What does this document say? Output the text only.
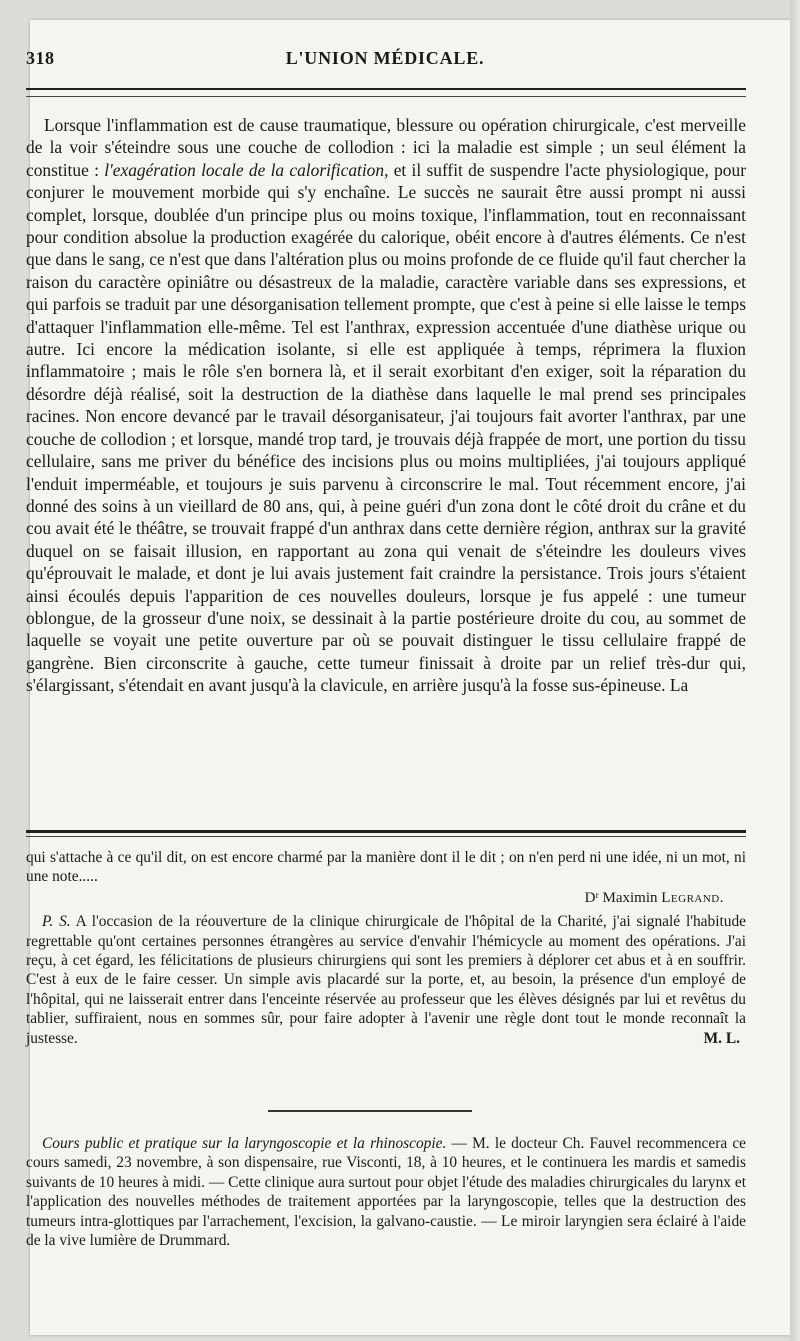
318	L'UNION MÉDICALE.

Lorsque l'inflammation est de cause traumatique, blessure ou opération chirurgicale, c'est merveille de la voir s'éteindre sous une couche de collodion : ici la maladie est simple ; un seul élément la constitue : l'exagération locale de la calorification, et il suffit de suspendre l'acte physiologique, pour conjurer le mouvement morbide qui s'y enchaîne. Le succès ne saurait être aussi prompt ni aussi complet, lorsque, doublée d'un principe plus ou moins toxique, l'inflammation, tout en reconnaissant pour condition absolue la production exagérée du calorique, obéit encore à d'autres éléments. Ce n'est que dans le sang, ce n'est que dans l'altération plus ou moins profonde de ce fluide qu'il faut chercher la raison du caractère opiniâtre ou désastreux de la maladie, caractère variable dans ses expressions, et qui parfois se traduit par une désorganisation tellement prompte, que c'est à peine si elle laisse le temps d'attaquer l'inflammation elle-même. Tel est l'anthrax, expression accentuée d'une diathèse urique ou autre. Ici encore la médication isolante, si elle est appliquée à temps, réprimera la fluxion inflammatoire ; mais le rôle s'en bornera là, et il serait exorbitant d'en exiger, soit la réparation du désordre déjà réalisé, soit la destruction de la diathèse dans laquelle le mal prend ses principales racines. Non encore devancé par le travail désorganisateur, j'ai toujours fait avorter l'anthrax, par une couche de collodion ; et lorsque, mandé trop tard, je trouvais déjà frappée de mort, une portion du tissu cellulaire, sans me priver du bénéfice des incisions plus ou moins multipliées, j'ai toujours appliqué l'enduit imperméable, et toujours je suis parvenu à circonscrire le mal. Tout récemment encore, j'ai donné des soins à un vieillard de 80 ans, qui, à peine guéri d'un zona dont le côté droit du crâne et du cou avait été le théâtre, se trouvait frappé d'un anthrax dans cette dernière région, anthrax sur la gravité duquel on se faisait illusion, en rapportant au zona qui venait de s'éteindre les douleurs vives qu'éprouvait le malade, et dont je lui avais justement fait craindre la persistance. Trois jours s'étaient ainsi écoulés depuis l'apparition de ces nouvelles douleurs, lorsque je fus appelé : une tumeur oblongue, de la grosseur d'une noix, se dessinait à la partie postérieure droite du cou, au sommet de laquelle se voyait une petite ouverture par où se pouvait distinguer le tissu cellulaire frappé de gangrène. Bien circonscrite à gauche, cette tumeur finissait à droite par un relief très-dur qui, s'élargissant, s'étendait en avant jusqu'à la clavicule, en arrière jusqu'à la fosse sus-épineuse. La

qui s'attache à ce qu'il dit, on est encore charmé par la manière dont il le dit ; on n'en perd ni une idée, ni un mot, ni une note.....
Dʳ Maximin Legrand.
P. S. A l'occasion de la réouverture de la clinique chirurgicale de l'hôpital de la Charité, j'ai signalé l'habitude regrettable qu'ont certaines personnes étrangères au service d'envahir l'hémicycle au moment des opérations. J'ai reçu, à cet égard, les félicitations de plusieurs chirurgiens qui sont les premiers à déplorer cet abus et à en souffrir. C'est à eux de le faire cesser. Un simple avis placardé sur la porte, et, au besoin, la présence d'un employé de l'hôpital, qui ne laisserait entrer dans l'enceinte réservée au professeur que les élèves désignés par lui et revêtus du tablier, suffiraient, nous en sommes sûr, pour faire adopter à l'avenir une règle dont tout le monde reconnaît la justesse.	M. L.

Cours public et pratique sur la laryngoscopie et la rhinoscopie. — M. le docteur Ch. Fauvel recommencera ce cours samedi, 23 novembre, à son dispensaire, rue Visconti, 18, à 10 heures, et le continuera les mardis et samedis suivants de 10 heures à midi. — Cette clinique aura surtout pour objet l'étude des maladies chirurgicales du larynx et l'application des nouvelles méthodes de traitement apportées par la laryngoscopie, telles que la destruction des tumeurs intra-glottiques par l'arrachement, l'excision, la galvano-caustie. — Le miroir laryngien sera éclairé à l'aide de la vive lumière de Drummard.
